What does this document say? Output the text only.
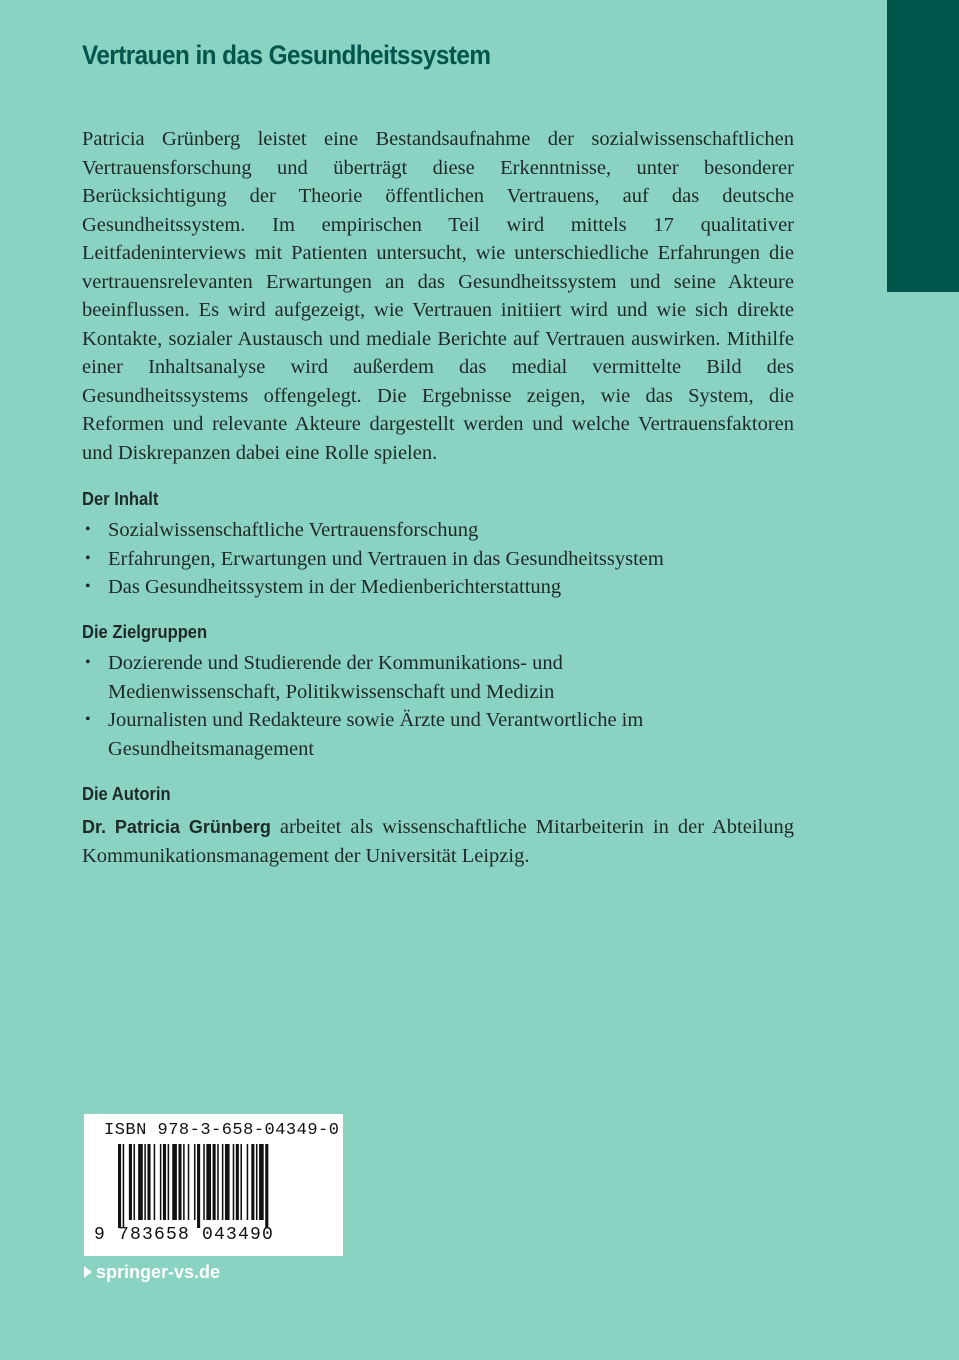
Vertrauen in das Gesundheitssystem

Patricia Grünberg leistet eine Bestandsaufnahme der sozialwissenschaftlichen Vertrauensforschung und überträgt diese Erkenntnisse, unter besonderer Berücksichtigung der Theorie öffentlichen Vertrauens, auf das deutsche Gesundheitssystem. Im empirischen Teil wird mittels 17 qualitativer Leitfadeninterviews mit Patienten untersucht, wie unterschiedliche Erfahrungen die vertrauensrelevanten Erwartungen an das Gesundheitssystem und seine Akteure beeinflussen. Es wird aufgezeigt, wie Vertrauen initiiert wird und wie sich direkte Kontakte, sozialer Austausch und mediale Berichte auf Vertrauen auswirken. Mithilfe einer Inhaltsanalyse wird außerdem das medial vermittelte Bild des Gesundheitssystems offengelegt. Die Ergebnisse zeigen, wie das System, die Reformen und relevante Akteure dargestellt werden und welche Vertrauensfaktoren und Diskrepanzen dabei eine Rolle spielen.

Der Inhalt
• Sozialwissenschaftliche Vertrauensforschung
• Erfahrungen, Erwartungen und Vertrauen in das Gesundheitssystem
• Das Gesundheitssystem in der Medienberichterstattung
Die Zielgruppen
• Dozierende und Studierende der Kommunikations- und Medienwissenschaft, Politikwissenschaft und Medizin
• Journalisten und Redakteure sowie Ärzte und Verantwortliche im Gesundheitsmanagement
Die Autorin

Dr. Patricia Grünberg arbeitet als wissenschaftliche Mitarbeiterin in der Abteilung Kommunikationsmanagement der Universität Leipzig.

ISBN 978-3-658-04349-0
9 783658 043490
springer-vs.de
